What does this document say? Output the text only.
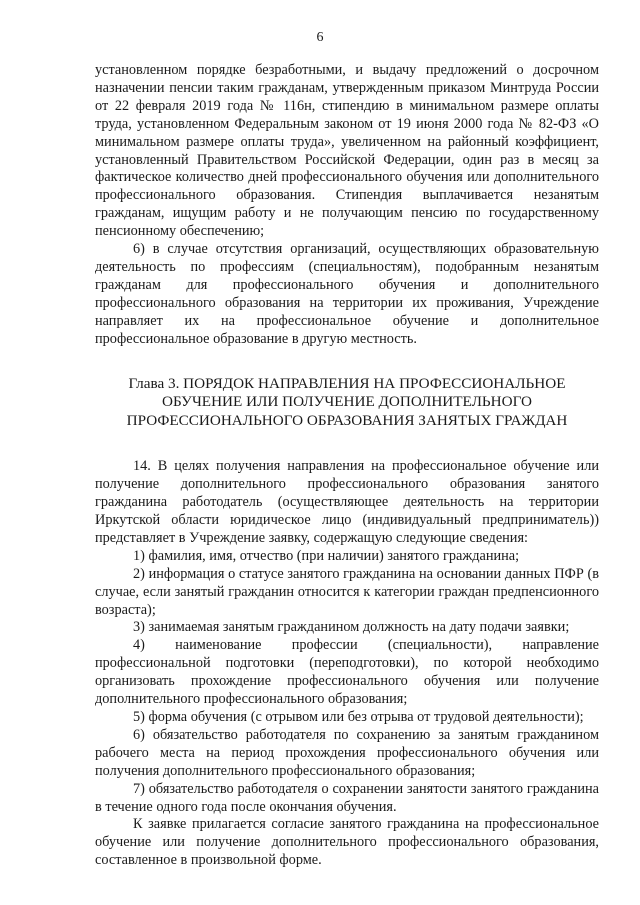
6

установленном порядке безработными, и выдачу предложений о досрочном назначении пенсии таким гражданам, утвержденным приказом Минтруда России от 22 февраля 2019 года № 116н, стипендию в минимальном размере оплаты труда, установленном Федеральным законом от 19 июня 2000 года № 82-ФЗ «О минимальном размере оплаты труда», увеличенном на районный коэффициент, установленный Правительством Российской Федерации, один раз в месяц за фактическое количество дней профессионального обучения или дополнительного профессионального образования. Стипендия выплачивается незанятым гражданам, ищущим работу и не получающим пенсию по государственному пенсионному обеспечению;

6) в случае отсутствия организаций, осуществляющих образовательную деятельность по профессиям (специальностям), подобранным незанятым гражданам для профессионального обучения и дополнительного профессионального образования на территории их проживания, Учреждение направляет их на профессиональное обучение и дополнительное профессиональное образование в другую местность.

Глава 3. ПОРЯДОК НАПРАВЛЕНИЯ НА ПРОФЕССИОНАЛЬНОЕ
ОБУЧЕНИЕ ИЛИ ПОЛУЧЕНИЕ ДОПОЛНИТЕЛЬНОГО
ПРОФЕССИОНАЛЬНОГО ОБРАЗОВАНИЯ ЗАНЯТЫХ ГРАЖДАН

14. В целях получения направления на профессиональное обучение или получение дополнительного профессионального образования занятого гражданина работодатель (осуществляющее деятельность на территории Иркутской области юридическое лицо (индивидуальный предприниматель)) представляет в Учреждение заявку, содержащую следующие сведения:

1) фамилия, имя, отчество (при наличии) занятого гражданина;

2) информация о статусе занятого гражданина на основании данных ПФР (в случае, если занятый гражданин относится к категории граждан предпенсионного возраста);

3) занимаемая занятым гражданином должность на дату подачи заявки;

4) наименование профессии (специальности), направление профессиональной подготовки (переподготовки), по которой необходимо организовать прохождение профессионального обучения или получение дополнительного профессионального образования;

5) форма обучения (с отрывом или без отрыва от трудовой деятельности);

6) обязательство работодателя по сохранению за занятым гражданином рабочего места на период прохождения профессионального обучения или получения дополнительного профессионального образования;

7) обязательство работодателя о сохранении занятости занятого гражданина в течение одного года после окончания обучения.

К заявке прилагается согласие занятого гражданина на профессиональное обучение или получение дополнительного профессионального образования, составленное в произвольной форме.
